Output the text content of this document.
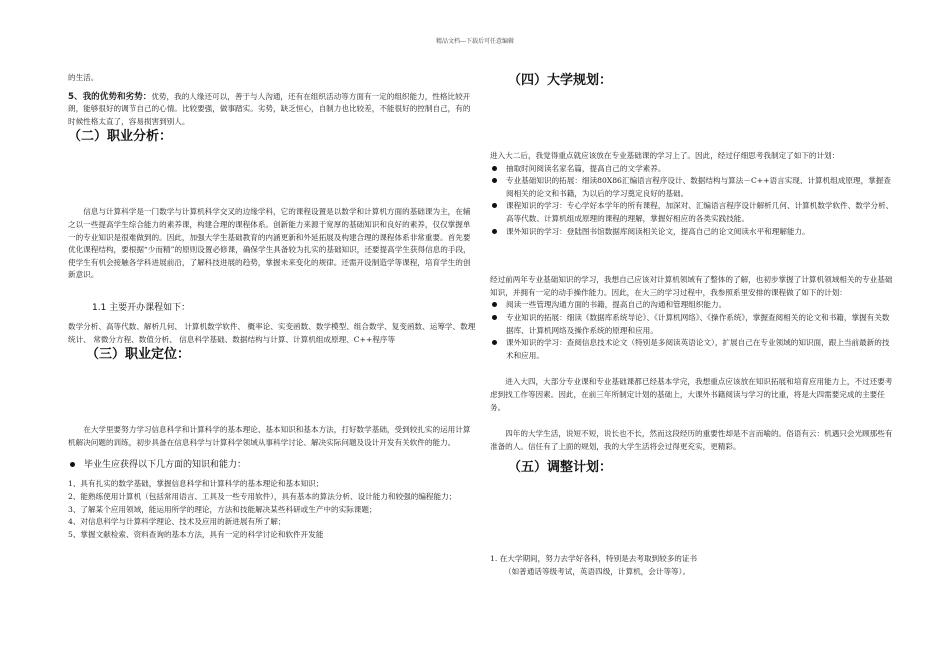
精品文档---下载后可任意编辑

的生活。

5、我的优势和劣势：优势，我的人缘还可以，善于与人沟通，还有在组织活动等方面有一定的组织能力，性格比较开朗，能够很好的调节自己的心情。比较要强，做事踏实。劣势，缺乏恒心，自制力也比较差，不能很好的控制自己，有的时候性格太直了，容易损害到别人。

（二）职业分析：

信息与计算科学是一门数学与计算机科学交叉的边缘学科，它的课程设置是以数学和计算机方面的基础课为主，在辅之以一些提高学生综合能力的素养课，构建合理的课程体系。创新能力来源于宽厚的基础知识和良好的素养，仅仅掌握单一的专业知识是很难做到的。因此，加强大学生基础教育的内涵更新和外延拓展及构建合理的课程体系非常重要。首先要优化课程结构，要根据“少而精”的原则设置必修课，确保学生具备较为扎实的基础知识，还要提高学生获得信息的手段，使学生有机会接触各学科进展前沿，了解科技进展的趋势，掌握未来变化的规律。还需开设制造学等课程，培育学生的创新意识。

1.1 主要开办课程如下：

数学分析、高等代数、解析几何、 计算机数学软件、 概率论、实变函数、数学模型、组合数学、复变函数、运筹学、数理统计、 常微分方程、数值分析、 信息科学基础、数据结构与计算、计算机组成原理、C++程序等

（三）职业定位：

在大学里要努力学习信息科学和计算科学的基本理论、基本知识和基本方法，打好数学基础，受到较扎实的运用计算机解决问题的训练，初步具备在信息科学与计算科学领域从事科学讨论、解决实际问题及设计开发有关软件的能力。

毕业生应获得以下几方面的知识和能力：

1、具有扎实的数学基础，掌握信息科学和计算科学的基本理论和基本知识；

2、能熟练使用计算机（包括常用语言、工具及一些专用软件），具有基本的算法分析、设计能力和较强的编程能力；

3、了解某个应用领域，能运用所学的理论，方法和技能解决某些科研或生产中的实际课题；

4、对信息科学与计算科学理论、技术及应用的新进展有所了解；

5、掌握文献检索、资料查询的基本方法，具有一定的科学讨论和软件开发能

（四）大学规划：

进入大二后，我觉得重点就应该放在专业基础课的学习上了。因此，经过仔细思考我制定了如下的计划：

抽取时间阅读名家名篇，提高自己的文学素养。
专业基础知识的拓展：细读80X86汇编语言程序设计、数据结构与算法－C++语言实现、计算机组成原理，掌握查阅相关的论文和书籍，为以后的学习奠定良好的基础。
课程知识的学习：专心学好本学年的所有课程，加深对、汇编语言程序设计解析几何、计算机数学软件、数学分析、高等代数、计算机组成原理的课程的理解，掌握好相应的各类实践技能。
课外知识的学习：登陆图书馆数据库阅读相关论文，提高自己的论文阅读水平和理解能力。

经过前两年专业基础知识的学习，我想自己应该对计算机领域有了整体的了解，也初步掌握了计算机领域相关的专业基础知识，并拥有一定的动手操作能力。因此，在大三的学习过程中，我参照系里安排的课程做了如下的计划：

阅读一些管理沟通方面的书籍，提高自己的沟通和管理组织能力。
专业知识的拓展：细读《数据库系统导论》、《计算机网络》、《操作系统》，掌握查阅相关的论文和书籍，掌握有关数据库、计算机网络及操作系统的原理和应用。
课外知识的学习：查阅信息技术论文（特别是多阅读英语论文），扩展自己在专业领域的知识面，跟上当前最新的技术和应用。

进入大四，大部分专业课和专业基础课都已经基本学完，我想重点应该放在知识拓展和培育应用能力上，不过还要考虑到找工作等因素。因此，在前三年所制定计划的基础上，大课外书籍阅读与学习的比重，将是大四需要完成的主要任务。

四年的大学生活，说短不短，说长也不长，然而这段经历的重要性却是不言而喻的。俗语有云：机遇只会光顾那些有准备的人。信任有了上面的规划，我的大学生活将会过得更充实，更精彩。

（五）调整计划：

1. 在大学期间，努力去学好各科，特别是去考取到较多的证书

（如普通话等级考试，英语四级，计算机，会计等等）。
